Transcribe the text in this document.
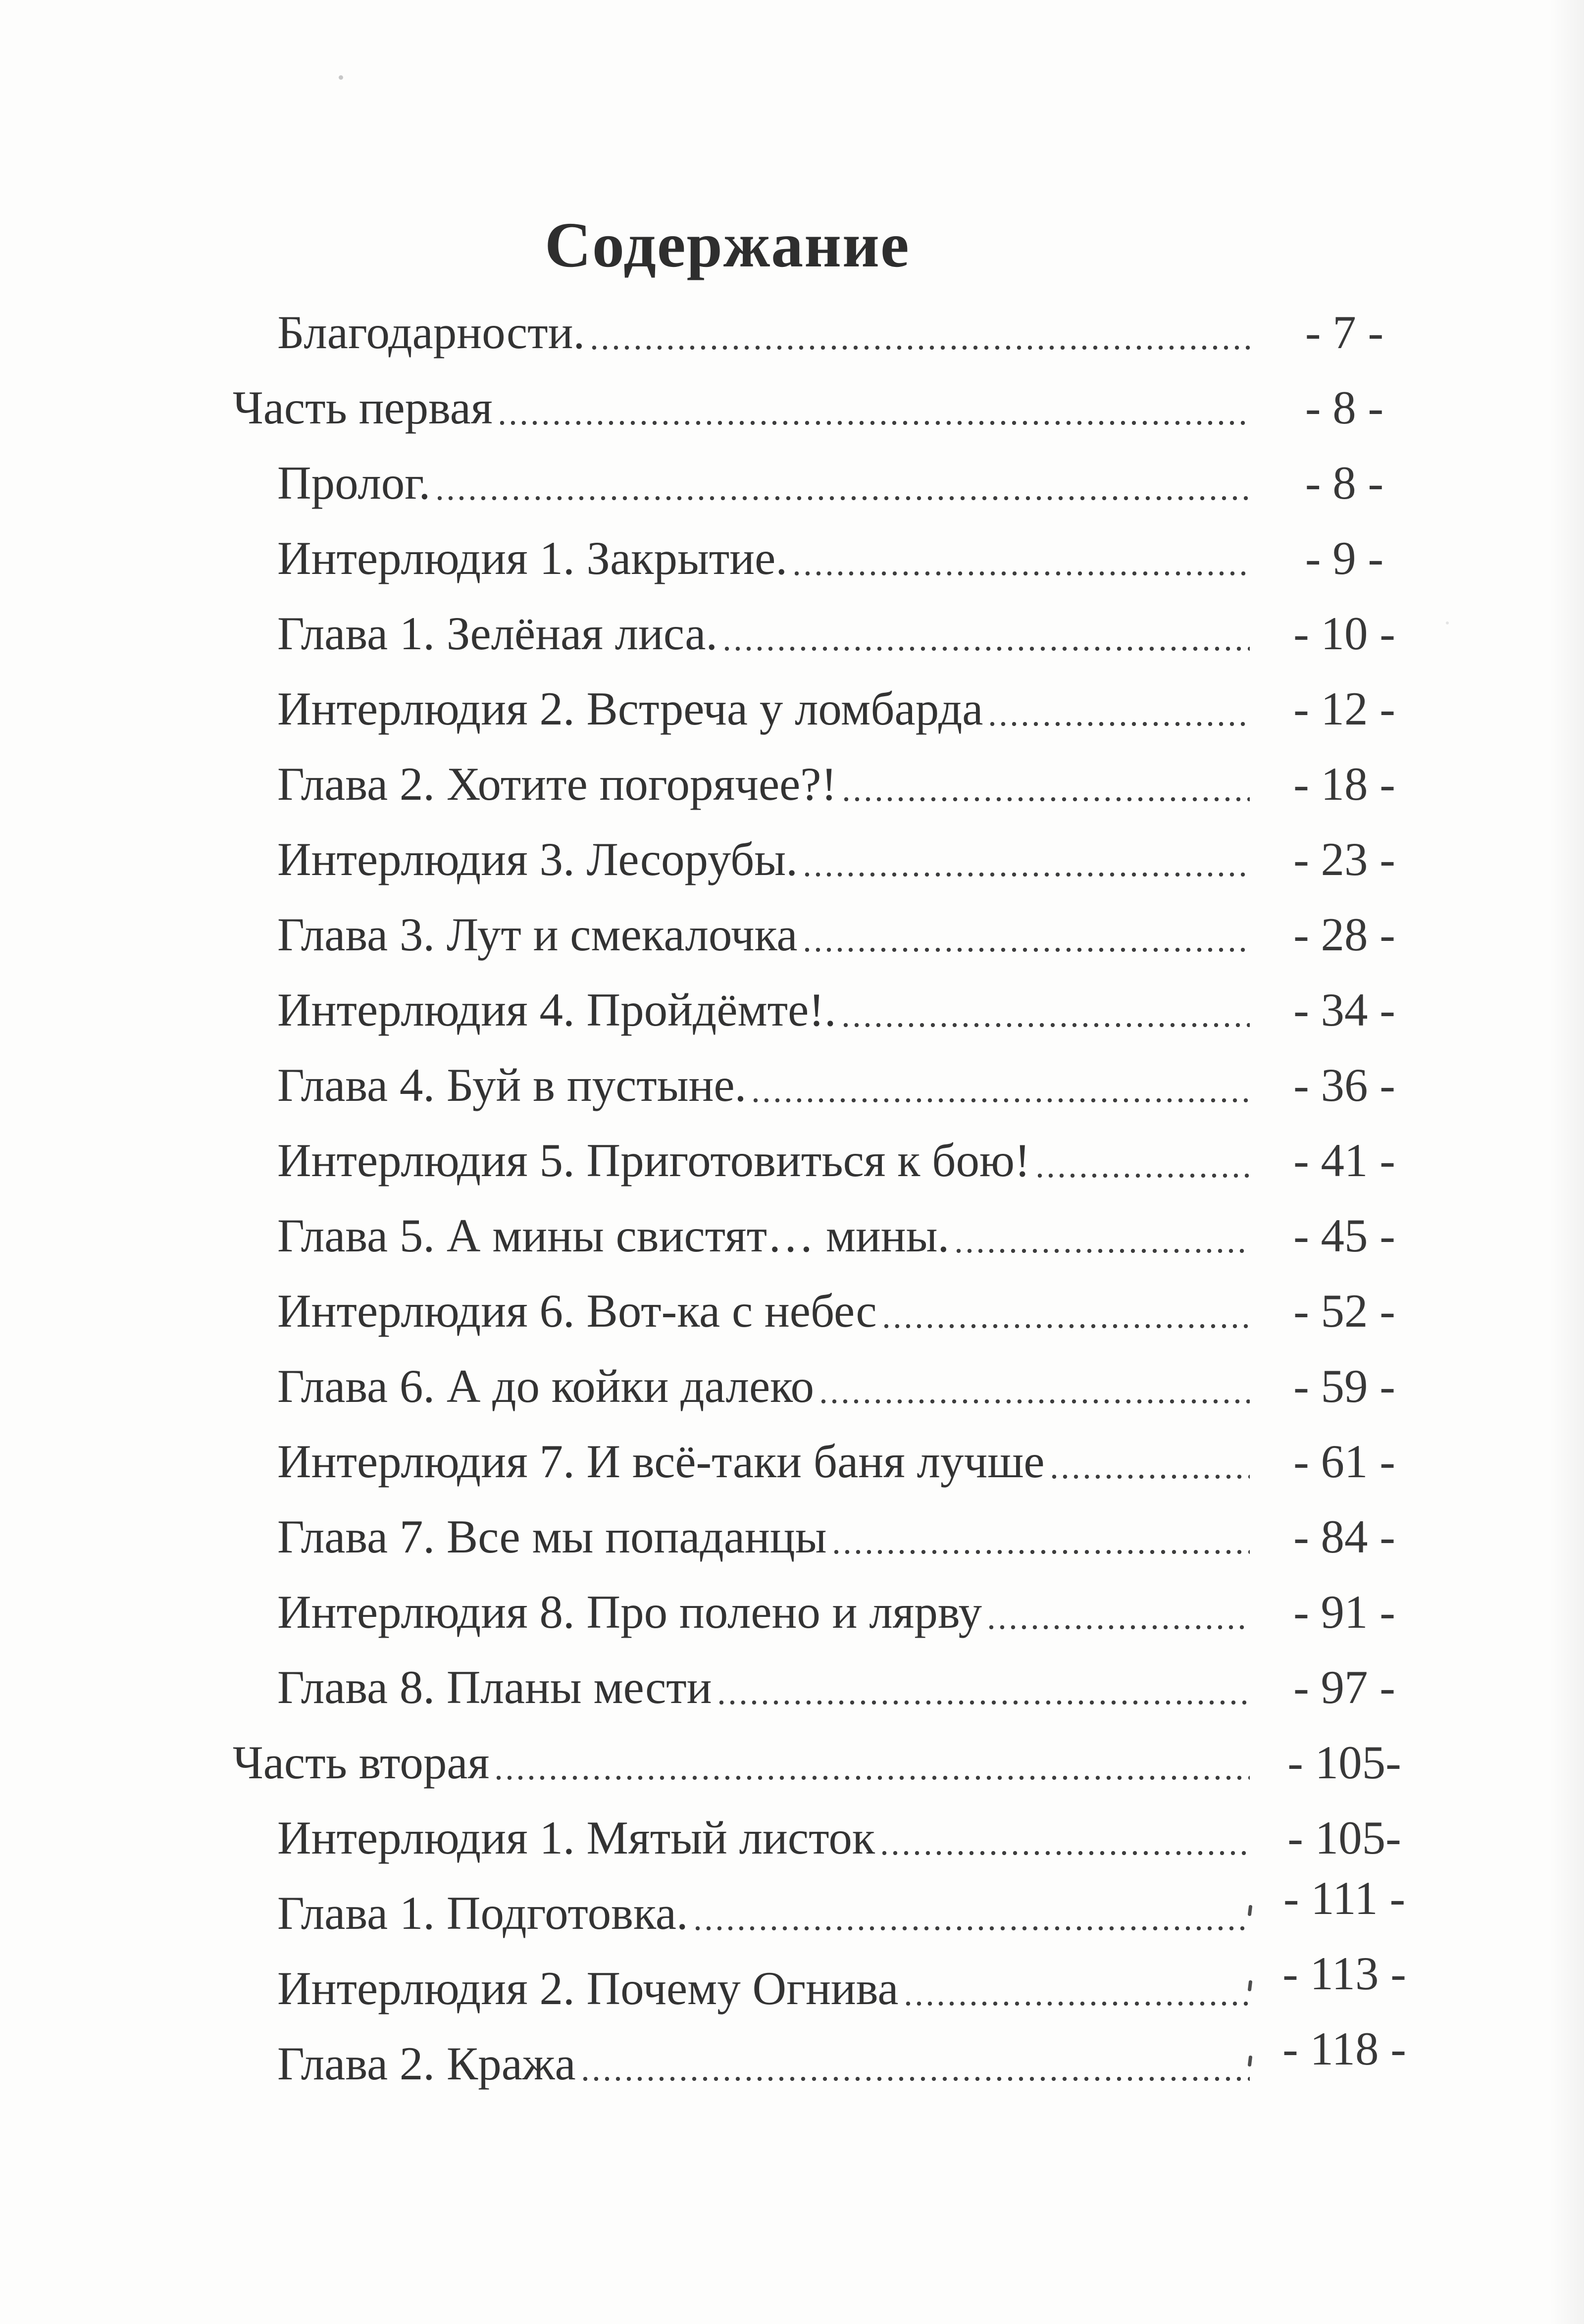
Содержание
Благодарности.	- 7 -
Часть первая	- 8 -
Пролог.	- 8 -
Интерлюдия 1. Закрытие.	- 9 -
Глава 1. Зелёная лиса.	- 10 -
Интерлюдия 2. Встреча у ломбарда	- 12 -
Глава 2. Хотите погорячее?!	- 18 -
Интерлюдия 3. Лесорубы.	- 23 -
Глава 3. Лут и смекалочка	- 28 -
Интерлюдия 4. Пройдёмте!.	- 34 -
Глава 4. Буй в пустыне.	- 36 -
Интерлюдия 5. Приготовиться к бою!	- 41 -
Глава 5. А мины свистят… мины.	- 45 -
Интерлюдия 6. Вот-ка с небес	- 52 -
Глава 6. А до койки далеко	- 59 -
Интерлюдия 7. И всё-таки баня лучше	- 61 -
Глава 7. Все мы попаданцы	- 84 -
Интерлюдия 8. Про полено и лярву	- 91 -
Глава 8. Планы мести	- 97 -
Часть вторая	- 105-
Интерлюдия 1. Мятый листок	- 105-
Глава 1. Подготовка.	- 111 -
Интерлюдия 2. Почему Огнива	- 113 -
Глава 2. Кража	- 118 -
